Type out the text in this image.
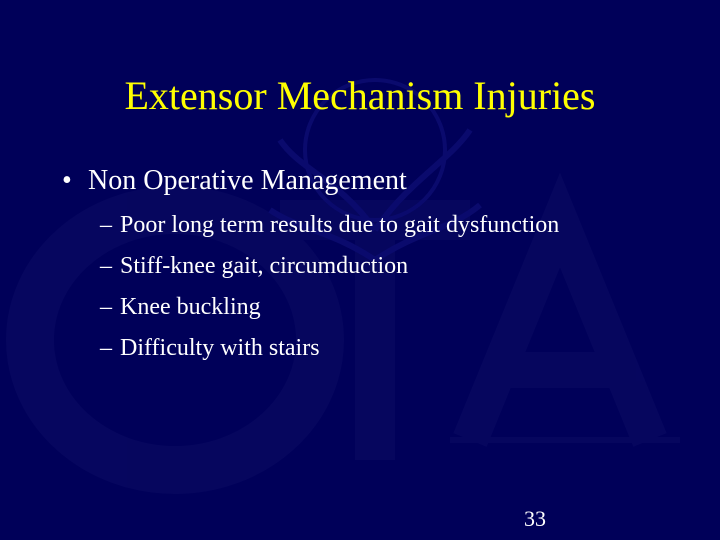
Extensor Mechanism Injuries
• Non Operative Management
– Poor long term results due to gait dysfunction
– Stiff-knee gait, circumduction
– Knee buckling
– Difficulty with stairs
33
